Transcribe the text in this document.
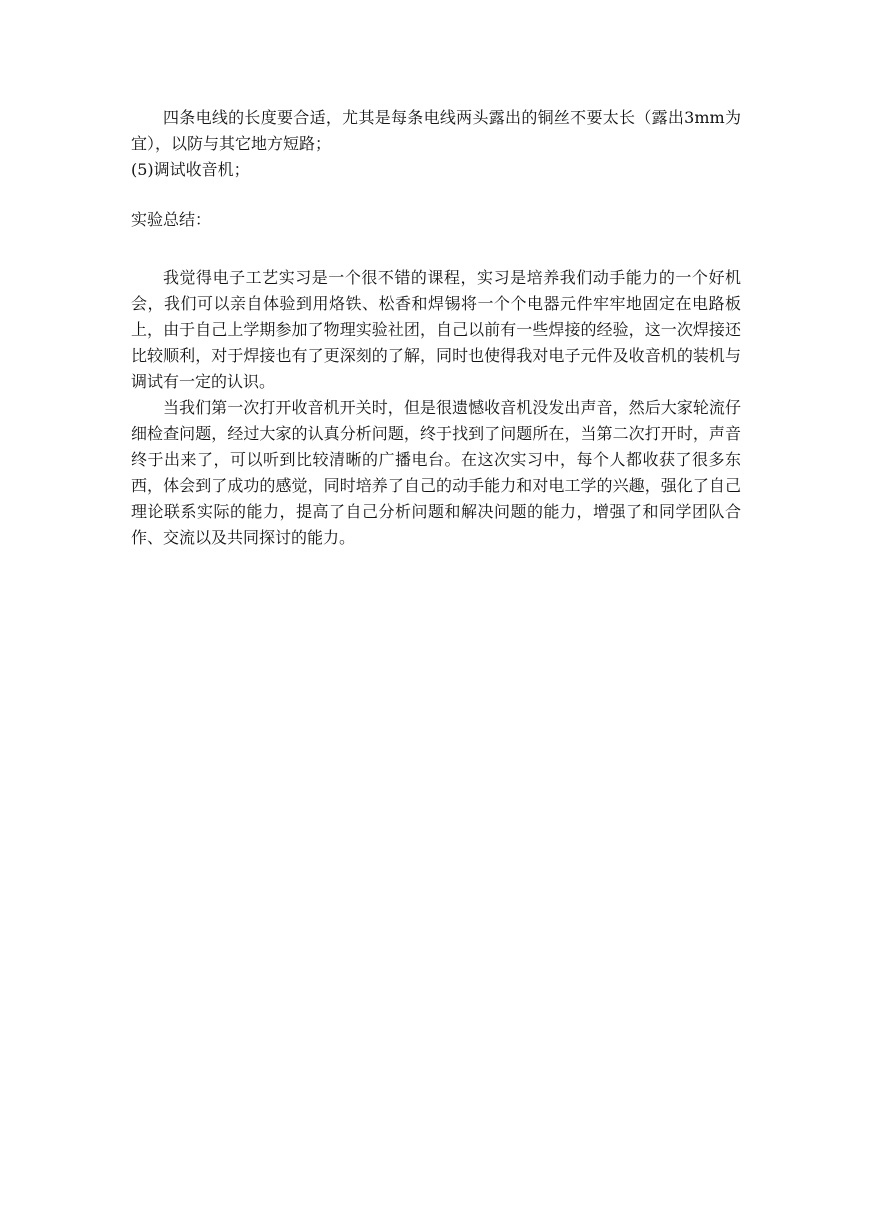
四条电线的长度要合适，尤其是每条电线两头露出的铜丝不要太长（露出3mm为宜），以防与其它地方短路；

(5)调试收音机；

实验总结：

我觉得电子工艺实习是一个很不错的课程，实习是培养我们动手能力的一个好机会，我们可以亲自体验到用烙铁、松香和焊锡将一个个电器元件牢牢地固定在电路板上，由于自己上学期参加了物理实验社团，自己以前有一些焊接的经验，这一次焊接还比较顺利，对于焊接也有了更深刻的了解，同时也使得我对电子元件及收音机的装机与调试有一定的认识。

当我们第一次打开收音机开关时，但是很遗憾收音机没发出声音，然后大家轮流仔细检查问题，经过大家的认真分析问题，终于找到了问题所在，当第二次打开时，声音终于出来了，可以听到比较清晰的广播电台。在这次实习中，每个人都收获了很多东西，体会到了成功的感觉，同时培养了自己的动手能力和对电工学的兴趣，强化了自己理论联系实际的能力，提高了自己分析问题和解决问题的能力，增强了和同学团队合作、交流以及共同探讨的能力。
